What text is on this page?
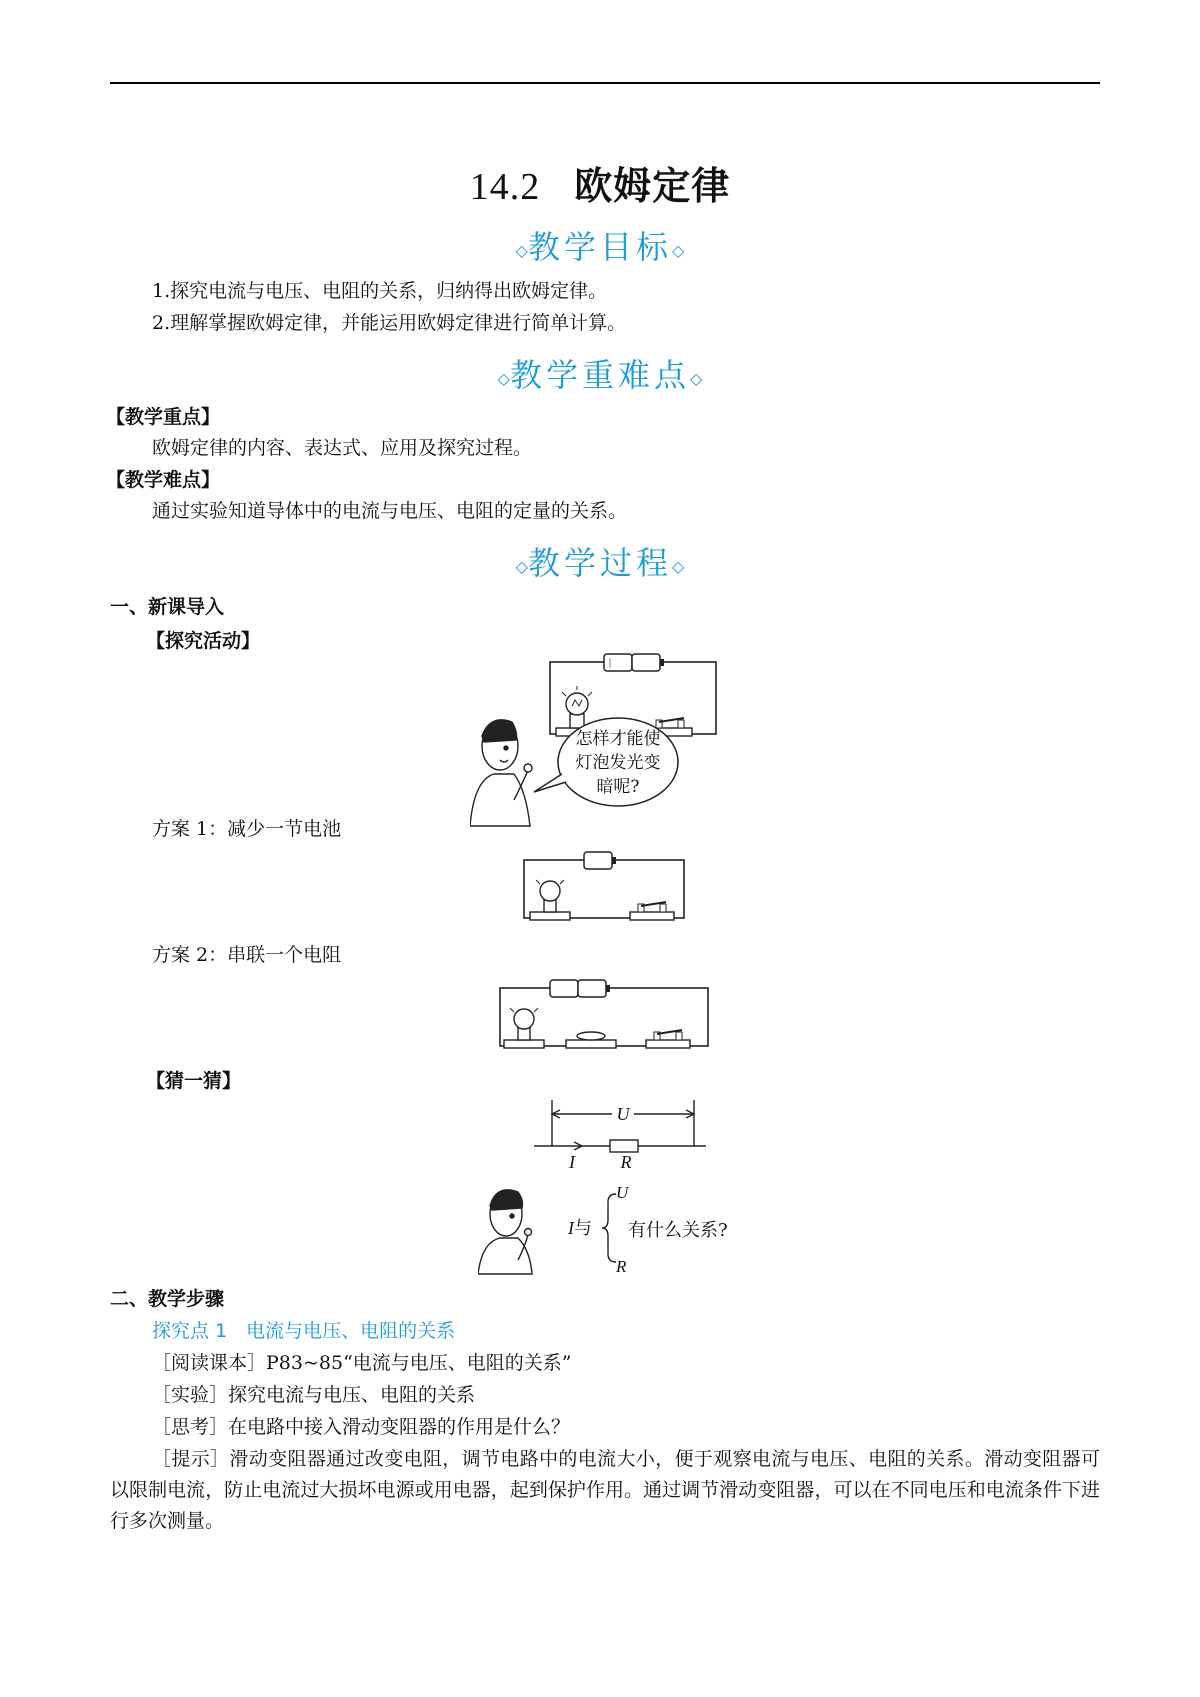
14.2 欧姆定律
◇教学目标◇
1.探究电流与电压、电阻的关系，归纳得出欧姆定律。
2.理解掌握欧姆定律，并能运用欧姆定律进行简单计算。
◇教学重难点◇
【教学重点】
欧姆定律的内容、表达式、应用及探究过程。
【教学难点】
通过实验知道导体中的电流与电压、电阻的定量的关系。
◇教学过程◇
一、新课导入
【探究活动】
怎样才能使
灯泡发光变
暗呢?
方案 1：减少一节电池
方案 2：串联一个电阻
【猜一猜】
U
I	R
I与
U
R
有什么关系?
二、教学步骤
探究点 1　电流与电压、电阻的关系
［阅读课本］P83~85“电流与电压、电阻的关系”
［实验］探究电流与电压、电阻的关系
［思考］在电路中接入滑动变阻器的作用是什么？
［提示］滑动变阻器通过改变电阻，调节电路中的电流大小，便于观察电流与电压、电阻的关系。滑动变阻器可以限制电流，防止电流过大损坏电源或用电器，起到保护作用。通过调节滑动变阻器，可以在不同电压和电流条件下进行多次测量。
